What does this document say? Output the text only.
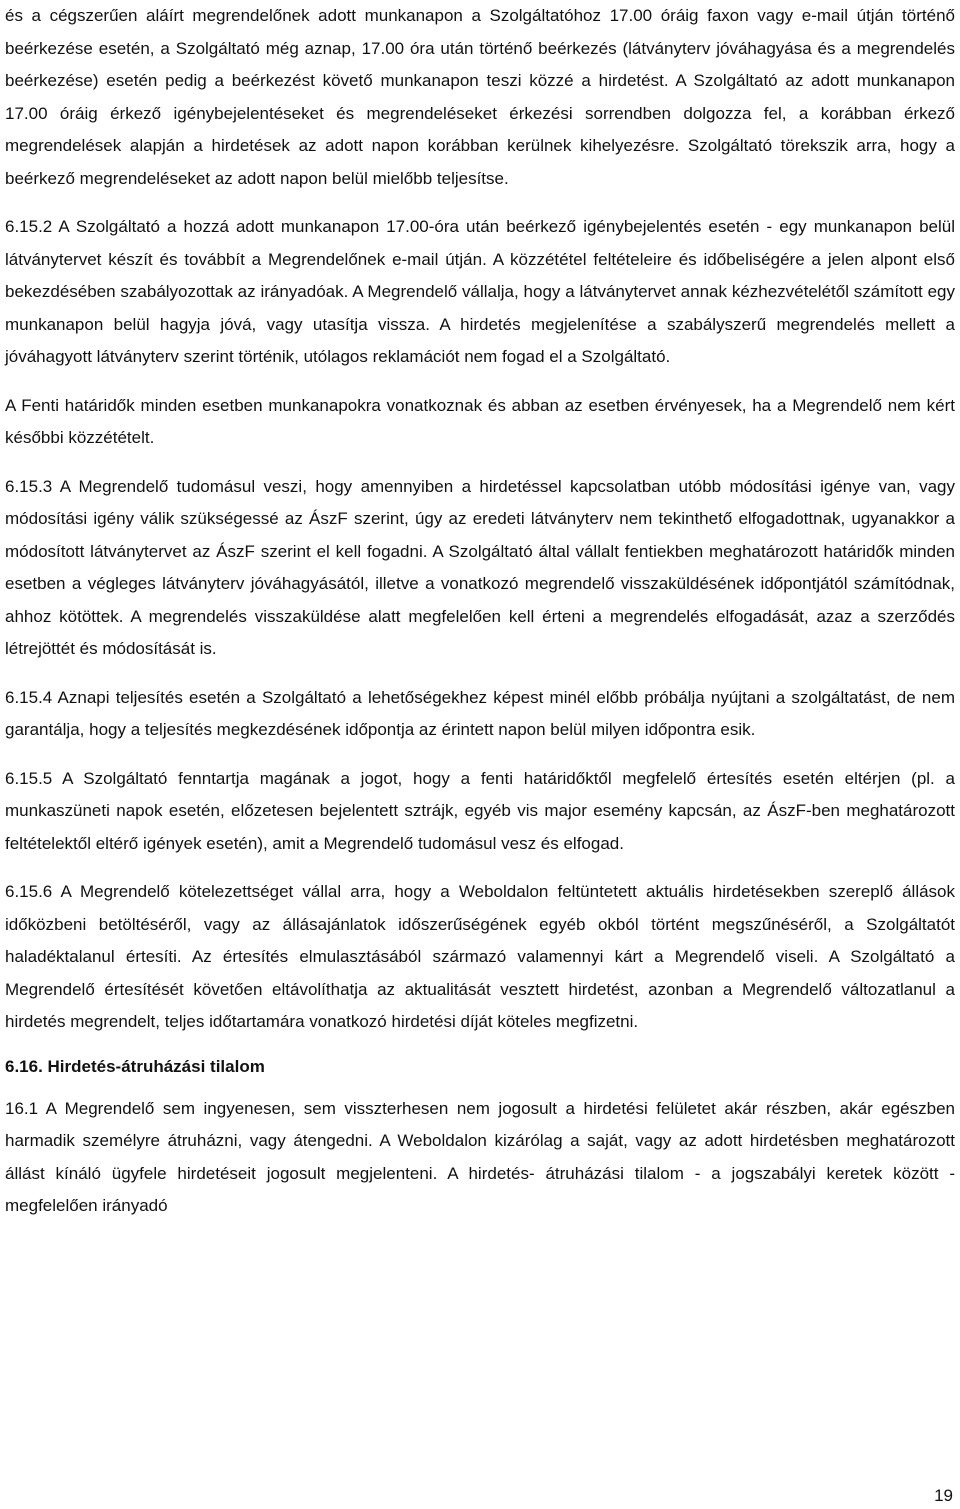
és a cégszerűen aláírt megrendelőnek adott munkanapon a Szolgáltatóhoz 17.00 óráig faxon vagy e-mail útján történő beérkezése esetén, a Szolgáltató még aznap, 17.00 óra után történő beérkezés (látványterv jóváhagyása és a megrendelés beérkezése) esetén pedig a beérkezést követő munkanapon teszi közzé a hirdetést. A Szolgáltató az adott munkanapon 17.00 óráig érkező igénybejelentéseket és megrendeléseket érkezési sorrendben dolgozza fel, a korábban érkező megrendelések alapján a hirdetések az adott napon korábban kerülnek kihelyezésre. Szolgáltató törekszik arra, hogy a beérkező megrendeléseket az adott napon belül mielőbb teljesítse.

6.15.2 A Szolgáltató a hozzá adott munkanapon 17.00-óra után beérkező igénybejelentés esetén - egy munkanapon belül látványtervet készít és továbbít a Megrendelőnek e-mail útján. A közzététel feltételeire és időbeliségére a jelen alpont első bekezdésében szabályozottak az irányadóak. A Megrendelő vállalja, hogy a látványtervet annak kézhezvételétől számított egy munkanapon belül hagyja jóvá, vagy utasítja vissza. A hirdetés megjelenítése a szabályszerű megrendelés mellett a jóváhagyott látványterv szerint történik, utólagos reklamációt nem fogad el a Szolgáltató.

A Fenti határidők minden esetben munkanapokra vonatkoznak és abban az esetben érvényesek, ha a Megrendelő nem kért későbbi közzétételt.

6.15.3 A Megrendelő tudomásul veszi, hogy amennyiben a hirdetéssel kapcsolatban utóbb módosítási igénye van, vagy módosítási igény válik szükségessé az ÁszF szerint, úgy az eredeti látványterv nem tekinthető elfogadottnak, ugyanakkor a módosított látványtervet az ÁszF szerint el kell fogadni. A Szolgáltató által vállalt fentiekben meghatározott határidők minden esetben a végleges látványterv jóváhagyásától, illetve a vonatkozó megrendelő visszaküldésének időpontjától számítódnak, ahhoz kötöttek. A megrendelés visszaküldése alatt megfelelően kell érteni a megrendelés elfogadását, azaz a szerződés létrejöttét és módosítását is.

6.15.4 Aznapi teljesítés esetén a Szolgáltató a lehetőségekhez képest minél előbb próbálja nyújtani a szolgáltatást, de nem garantálja, hogy a teljesítés megkezdésének időpontja az érintett napon belül milyen időpontra esik.

6.15.5 A Szolgáltató fenntartja magának a jogot, hogy a fenti határidőktől megfelelő értesítés esetén eltérjen (pl. a munkaszüneti napok esetén, előzetesen bejelentett sztrájk, egyéb vis major esemény kapcsán, az ÁszF-ben meghatározott feltételektől eltérő igények esetén), amit a Megrendelő tudomásul vesz és elfogad.

6.15.6 A Megrendelő kötelezettséget vállal arra, hogy a Weboldalon feltüntetett aktuális hirdetésekben szereplő állások időközbeni betöltéséről, vagy az állásajánlatok időszerűségének egyéb okból történt megszűnéséről, a Szolgáltatót haladéktalanul értesíti. Az értesítés elmulasztásából származó valamennyi kárt a Megrendelő viseli. A Szolgáltató a Megrendelő értesítését követően eltávolíthatja az aktualitását vesztett hirdetést, azonban a Megrendelő változatlanul a hirdetés megrendelt, teljes időtartamára vonatkozó hirdetési díját köteles megfizetni.

6.16. Hirdetés-átruházási tilalom

16.1 A Megrendelő sem ingyenesen, sem visszterhesen nem jogosult a hirdetési felületet akár részben, akár egészben harmadik személyre átruházni, vagy átengedni. A Weboldalon kizárólag a saját, vagy az adott hirdetésben meghatározott állást kínáló ügyfele hirdetéseit jogosult megjelenteni. A hirdetés- átruházási tilalom - a jogszabályi keretek között - megfelelően irányadó

19
